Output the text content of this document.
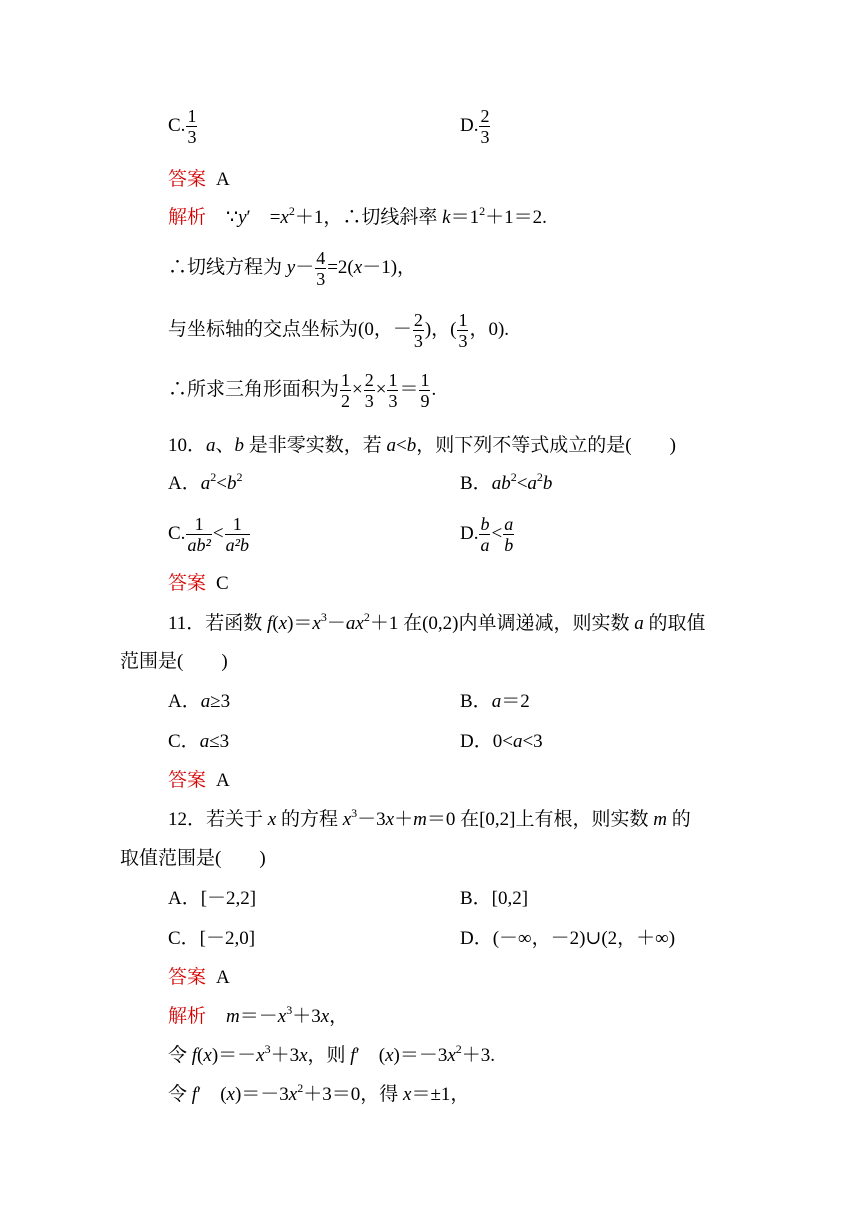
C. $\frac{1}{3}$	D. $\frac{2}{3}$
答案 A
解析 ∵y′　$=x^2+1$，∴切线斜率 $k=1^2+1=2$.
∴切线方程为 $y- \frac{4}{3} =2(x-1)$，
与坐标轴的交点坐标为(0，－ $\frac{2}{3}$ )，( $\frac{1}{3}$ ，0).
∴所求三角形面积为 $\frac{1}{2} \times \frac{2}{3} \times \frac{1}{3} = \frac{1}{9}$ .
10．a、b 是非零实数，若 a<b，则下列不等式成立的是(　　)
A．$a^2<b^2$	B．$ab^2<a^2b$
C. $\frac{1}{\text{ab²}} < \frac{1}{\text{a²b}}$	D. $\frac{b}{a} < \frac{a}{b}$
答案 C
11．若函数 $f(x)=x^3-ax^2+1$ 在(0,2)内单调递减，则实数 a 的取值
范围是(　　)
A．a≥3	B．a＝2
C．a≤3	D．0<a<3
答案 A
12．若关于 x 的方程 $x^3-3x+m=0$ 在[0,2]上有根，则实数 m 的
取值范围是(　　)
A．[－2,2]	B．[0,2]
C．[－2,0]	D．(－∞，－2)∪(2，＋∞)
答案 A
解析 $m=-x^3+3x$，
令 $f(x)=-x^3+3x$，则 f′　$(x)=-3x^2+3$.
令 f′　$(x)=-3x^2+3=0$，得 x＝±1，
